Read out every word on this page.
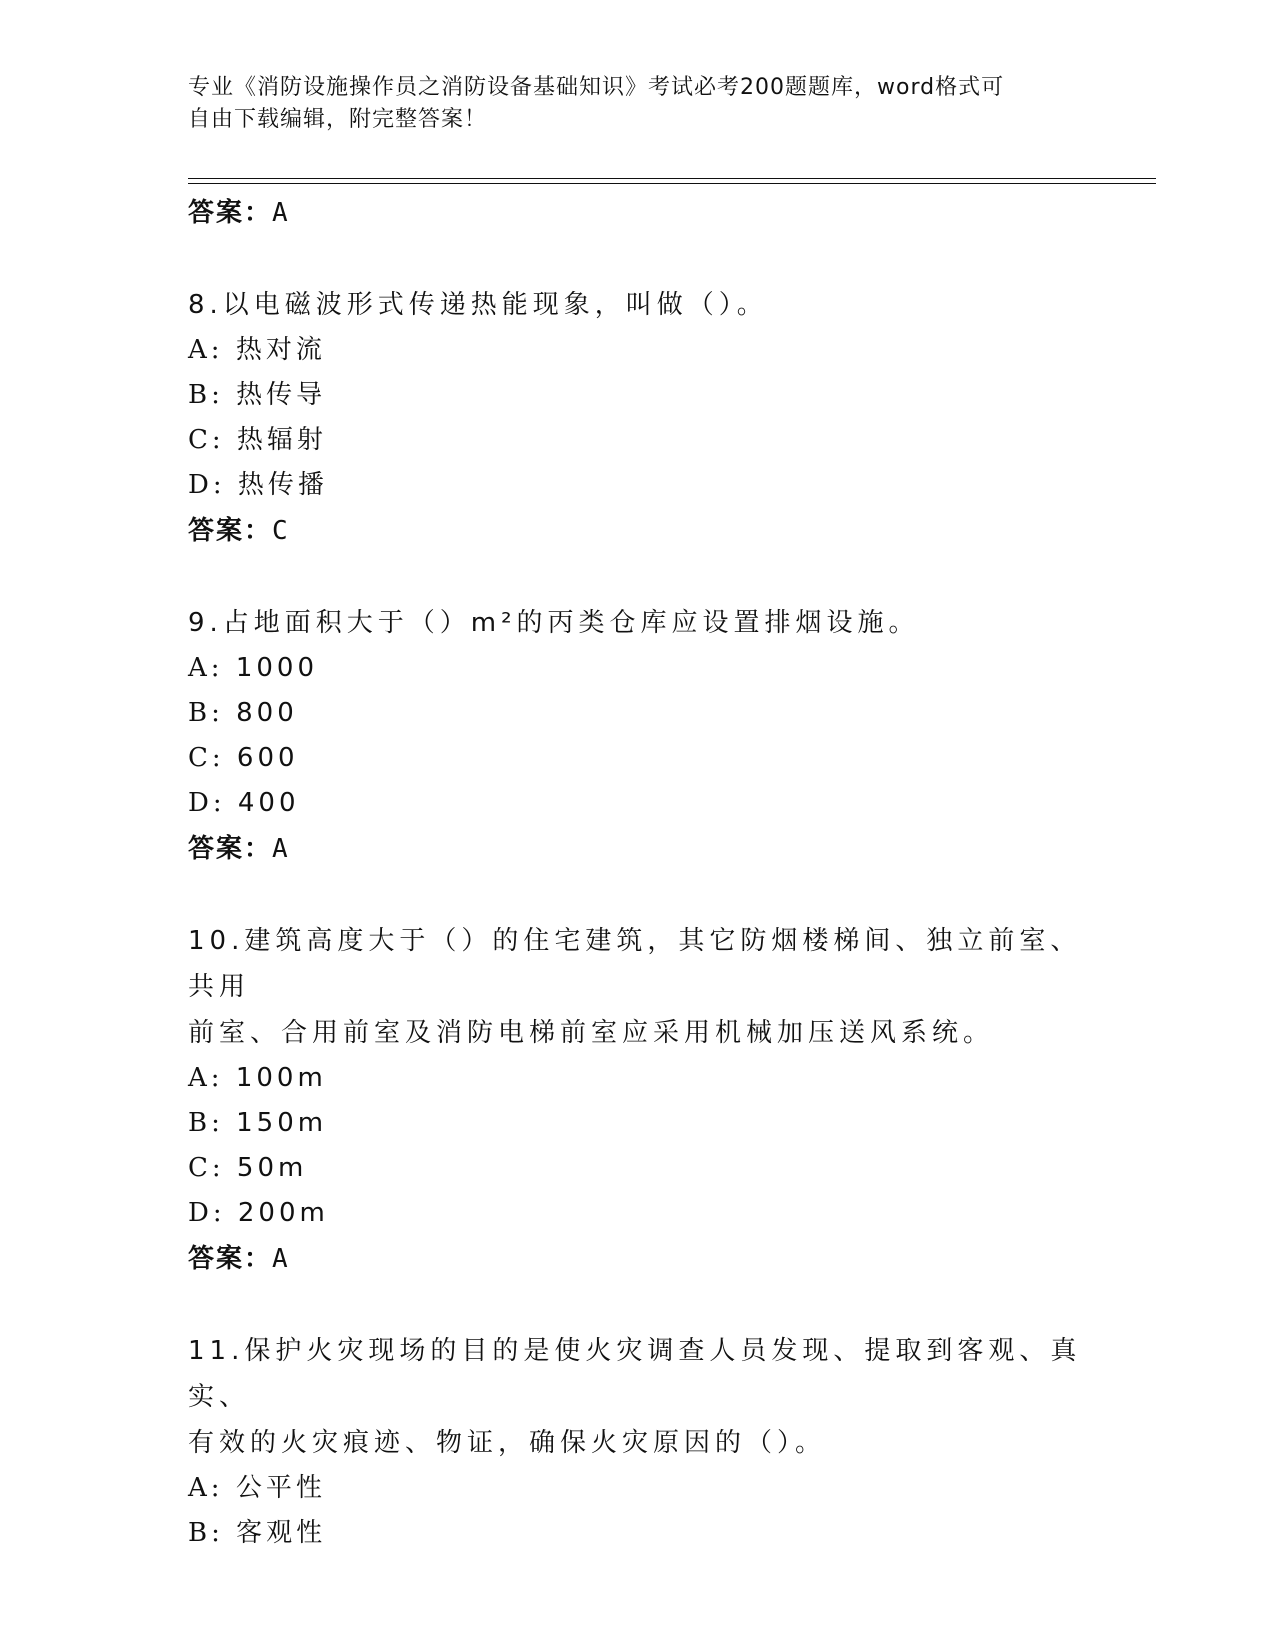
专业《消防设施操作员之消防设备基础知识》考试必考200题题库，word格式可

自由下载编辑，附完整答案！

答案：A

8.以电磁波形式传递热能现象，叫做（）。

A: 热对流
B: 热传导
C: 热辐射
D: 热传播
答案：C

9.占地面积大于（）m²的丙类仓库应设置排烟设施。

A: 1000
B: 800
C: 600
D: 400
答案：A

10.建筑高度大于（）的住宅建筑，其它防烟楼梯间、独立前室、共用
前室、合用前室及消防电梯前室应采用机械加压送风系统。

A: 100m
B: 150m
C: 50m
D: 200m
答案：A

11.保护火灾现场的目的是使火灾调查人员发现、提取到客观、真实、
有效的火灾痕迹、物证，确保火灾原因的（）。

A: 公平性
B: 客观性
